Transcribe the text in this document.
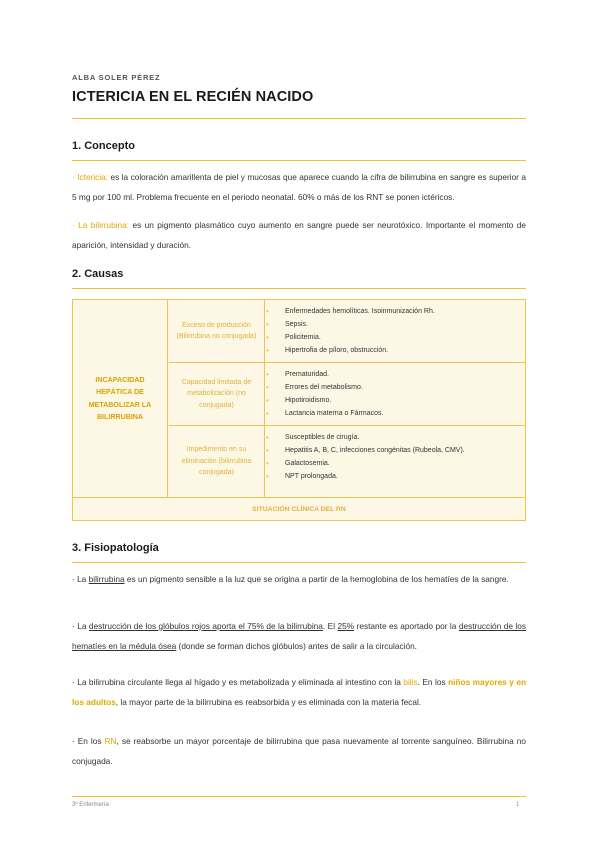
ALBA SOLER PÉREZ
ICTERICIA EN EL RECIÉN NACIDO
1. Concepto

· Ictericia: es la coloración amarillenta de piel y mucosas que aparece cuando la cifra de bilirrubina en sangre es superior a 5 mg por 100 ml. Problema frecuente en el periodo neonatal. 60% o más de los RNT se ponen ictéricos.

· La bilirrubina: es un pigmento plasmático cuyo aumento en sangre puede ser neurotóxico. Importante el momento de aparición, intensidad y duración.

2. Causas
INCAPACIDAD HEPÁTICA DE METABOLIZAR LA BILIRRUBINA
Exceso de producción (Bilirrubina no conjugada)
• Enfermedades hemolíticas. Isoinmunización Rh.
• Sepsis.
• Policitemia.
• Hipertrofia de píloro, obstrucción.
Capacidad limitada de metabolización (no conjugada)
• Prematuridad.
• Errores del metabolismo.
• Hipotiroidismo.
• Lactancia materna o Fármacos.
Impedimento en su eliminación (bilirrubina conjugada)
• Susceptibles de cirugía.
• Hepatitis A, B, C, infecciones congénitas (Rubeola, CMV).
• Galactosemia.
• NPT prolongada.
SITUACIÓN CLÍNICA DEL RN
3. Fisiopatología

· La bilirrubina es un pigmento sensible a la luz que se origina a partir de la hemoglobina de los hematíes de la sangre.

· La destrucción de los glóbulos rojos aporta el 75% de la bilirrubina. El 25% restante es aportado por la destrucción de los hematíes en la médula ósea (donde se forman dichos glóbulos) antes de salir a la circulación.

· La bilirrubina circulante llega al hígado y es metabolizada y eliminada al intestino con la bilis. En los niños mayores y en los adultos, la mayor parte de la bilirrubina es reabsorbida y es eliminada con la materia fecal.

· En los RN, se reabsorbe un mayor porcentaje de bilirrubina que pasa nuevamente al torrente sanguíneo. Bilirrubina no conjugada.

3º Enfermería	1
